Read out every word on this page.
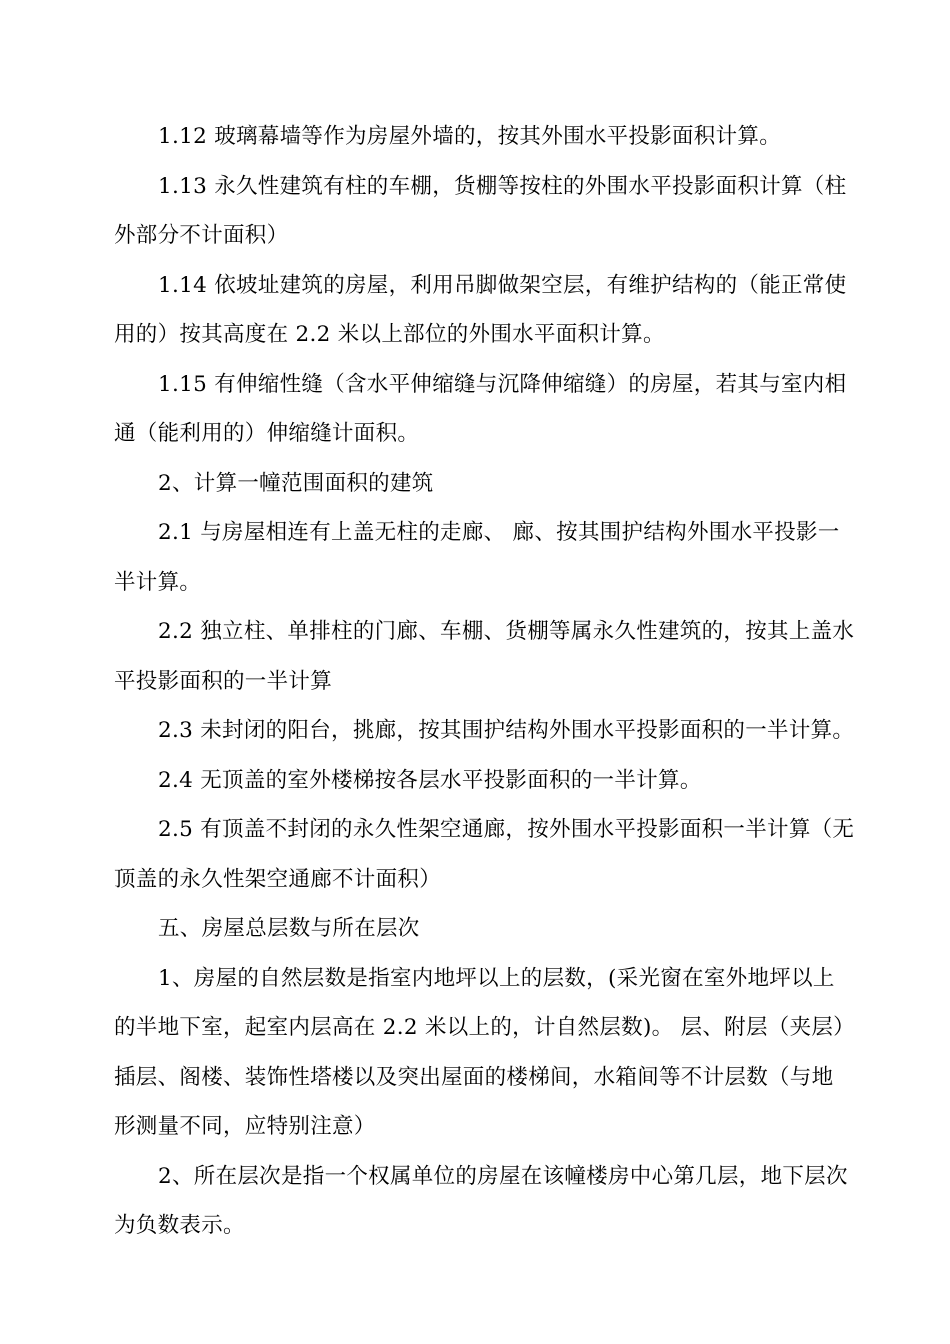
1.12 玻璃幕墙等作为房屋外墙的，按其外围水平投影面积计算。
1.13 永久性建筑有柱的车棚，货棚等按柱的外围水平投影面积计算（柱
外部分不计面积）
1.14 依坡址建筑的房屋，利用吊脚做架空层，有维护结构的（能正常使
用的）按其高度在 2.2 米以上部位的外围水平面积计算。
1.15 有伸缩性缝（含水平伸缩缝与沉降伸缩缝）的房屋，若其与室内相
通（能利用的）伸缩缝计面积。
2、计算一幢范围面积的建筑
2.1 与房屋相连有上盖无柱的走廊、 廊、按其围护结构外围水平投影一
半计算。
2.2 独立柱、单排柱的门廊、车棚、货棚等属永久性建筑的，按其上盖水
平投影面积的一半计算
2.3 未封闭的阳台，挑廊，按其围护结构外围水平投影面积的一半计算。
2.4 无顶盖的室外楼梯按各层水平投影面积的一半计算。
2.5 有顶盖不封闭的永久性架空通廊，按外围水平投影面积一半计算（无
顶盖的永久性架空通廊不计面积）
五、房屋总层数与所在层次
1、房屋的自然层数是指室内地坪以上的层数，(采光窗在室外地坪以上
的半地下室，起室内层高在 2.2 米以上的，计自然层数)。 层、附层（夹层）
插层、阁楼、装饰性塔楼以及突出屋面的楼梯间，水箱间等不计层数（与地
形测量不同，应特别注意）
2、所在层次是指一个权属单位的房屋在该幢楼房中心第几层，地下层次
为负数表示。
